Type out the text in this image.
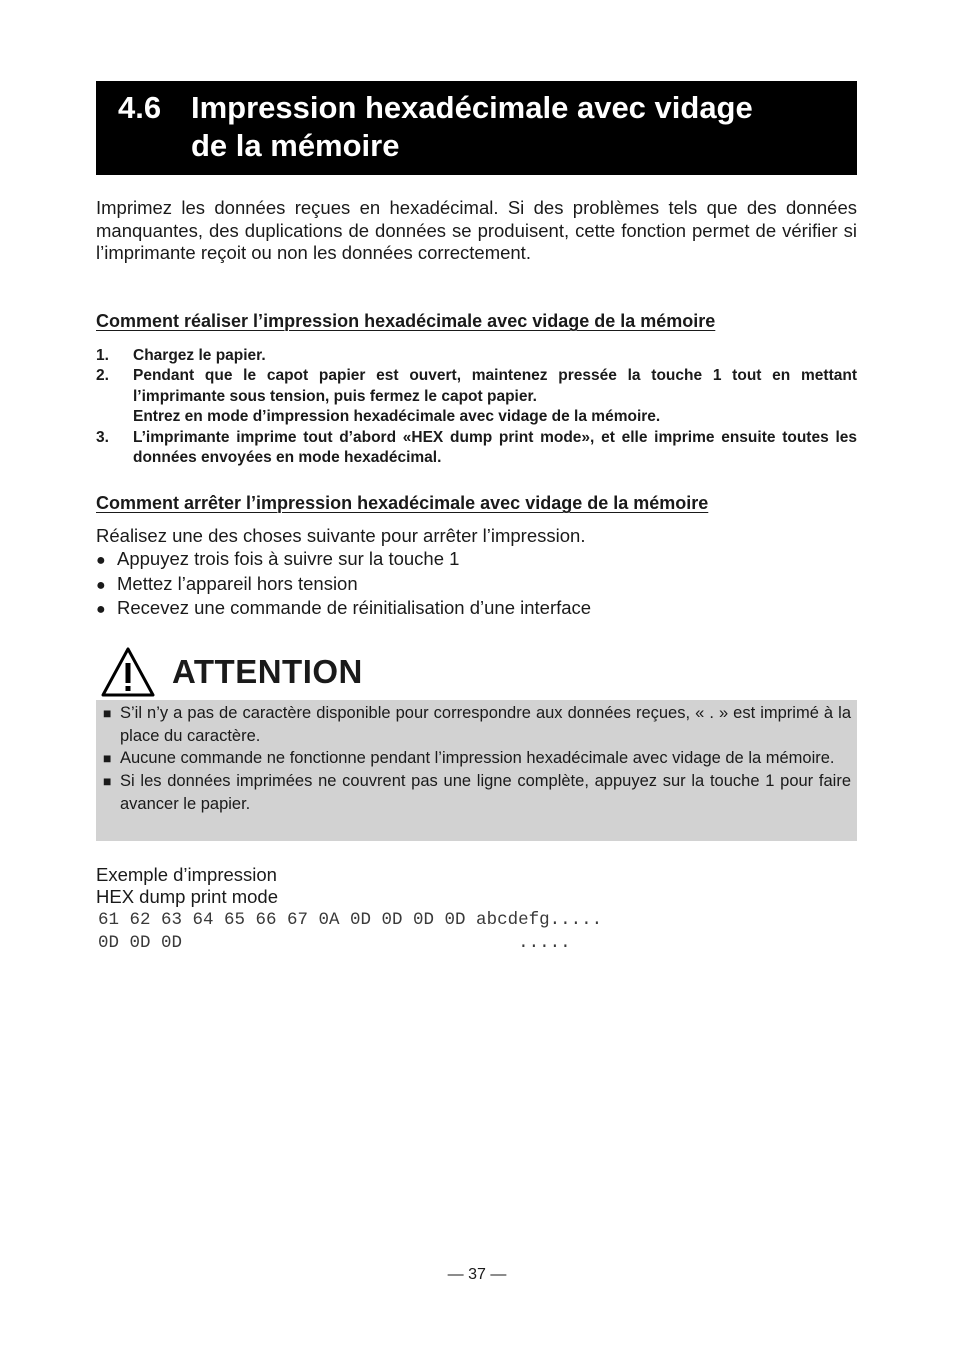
4.6 Impression hexadécimale avec vidage
de la mémoire

Imprimez les données reçues en hexadécimal. Si des problèmes tels que des données manquantes, des duplications de données se produisent, cette fonction permet de vérifier si l’imprimante reçoit ou non les données correctement.

Comment réaliser l’impression hexadécimale avec vidage de la mémoire
1.	Chargez le papier.
2.	Pendant que le capot papier est ouvert, maintenez pressée la touche 1 tout en mettant l’imprimante sous tension, puis fermez le capot papier.
Entrez en mode d’impression hexadécimale avec vidage de la mémoire.
3.	L’imprimante imprime tout d’abord «HEX dump print mode», et elle imprime ensuite toutes les données envoyées en mode hexadécimal.
Comment arrêter l’impression hexadécimale avec vidage de la mémoire
Réalisez une des choses suivante pour arrêter l’impression.
● Appuyez trois fois à suivre sur la touche 1
● Mettez l’appareil hors tension
● Recevez une commande de réinitialisation d’une interface
ATTENTION
■ S’il n’y a pas de caractère disponible pour correspondre aux données reçues, « . » est imprimé à la place du caractère.
■ Aucune commande ne fonctionne pendant l’impression hexadécimale avec vidage de la mémoire.
■ Si les données imprimées ne couvrent pas une ligne complète, appuyez sur la touche 1 pour faire avancer le papier.
Exemple d’impression
HEX dump print mode
61 62 63 64 65 66 67 0A 0D 0D 0D 0D abcdefg.....
0D 0D 0D                                .....
— 37 —
